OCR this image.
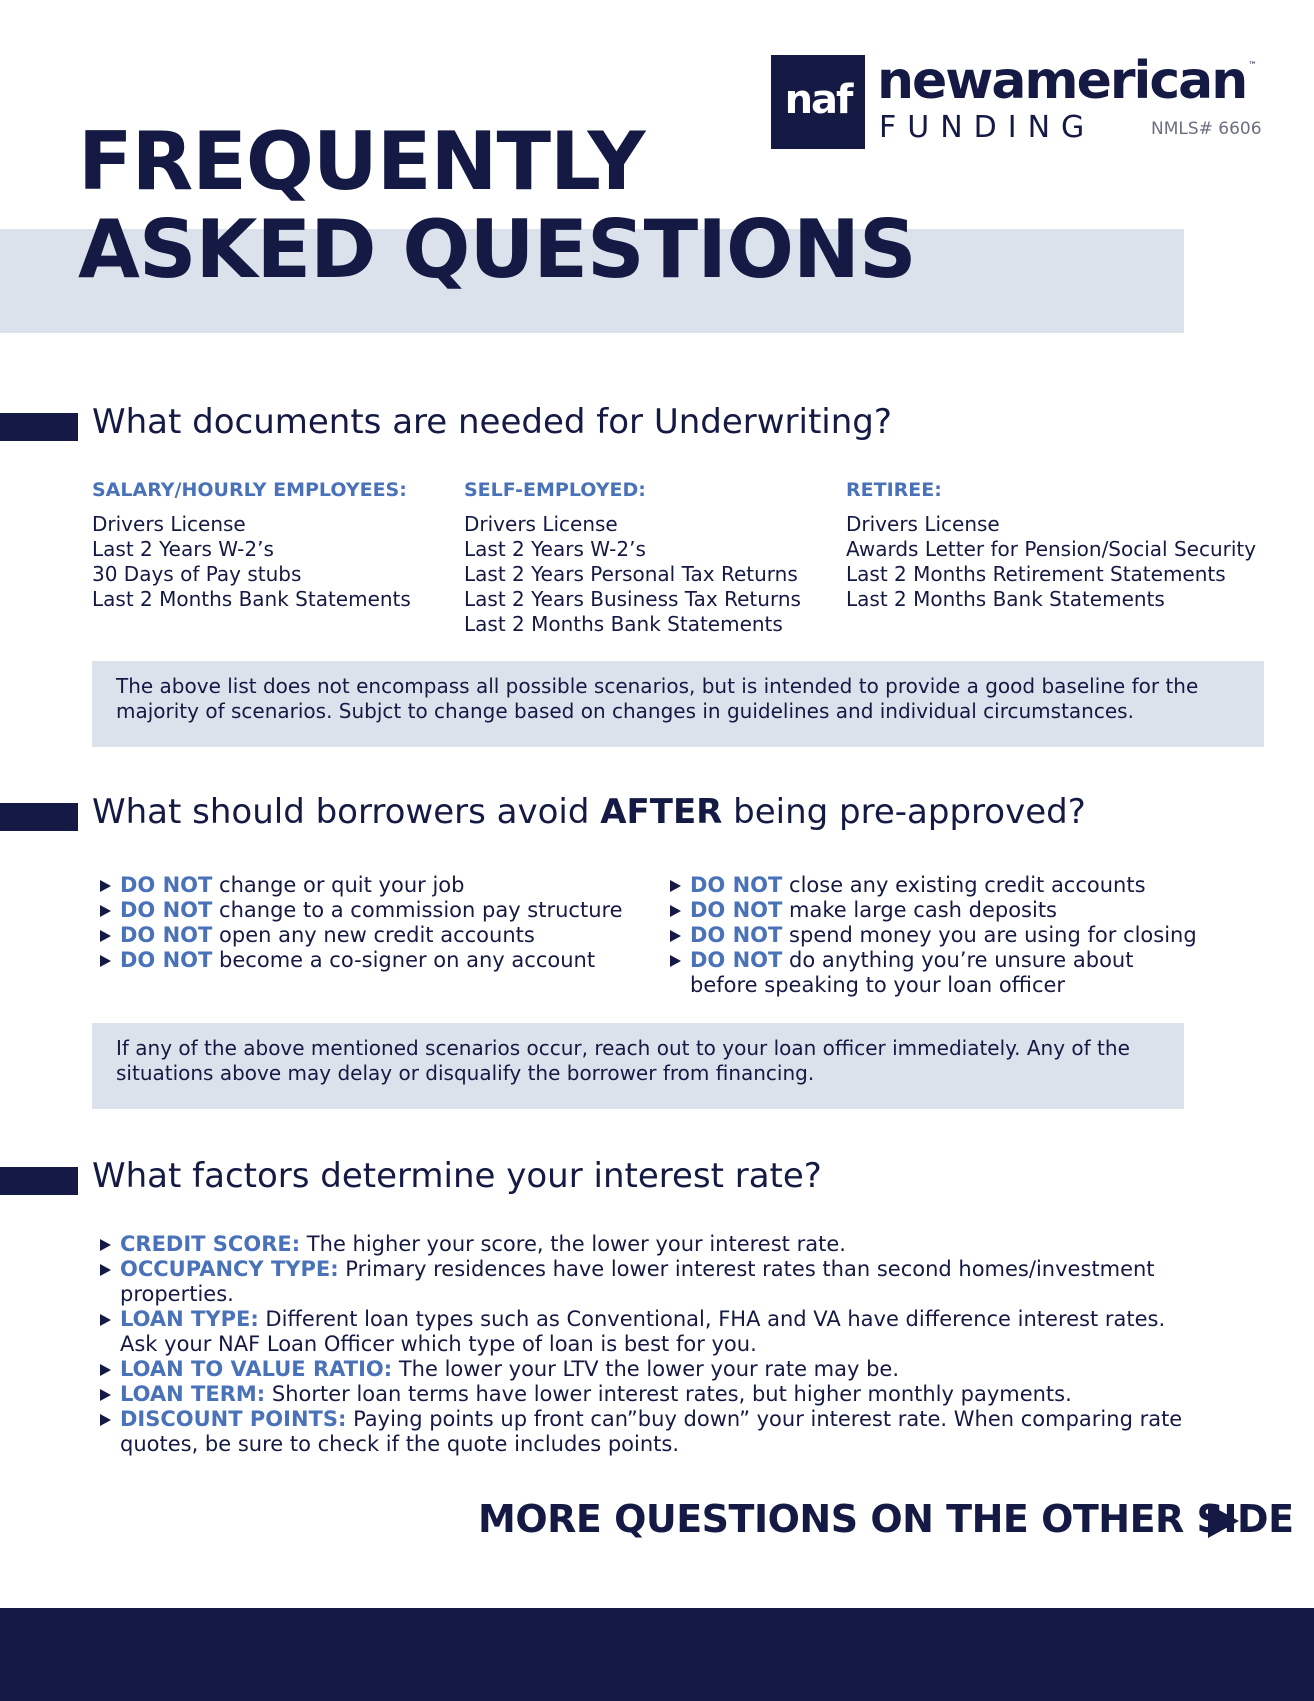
FREQUENTLY
ASKED QUESTIONS
naf newamerican ™
FUNDING	NMLS# 6606
What documents are needed for Underwriting?
SALARY/HOURLY EMPLOYEES:
Drivers License
Last 2 Years W-2’s
30 Days of Pay stubs
Last 2 Months Bank Statements
SELF-EMPLOYED:
Drivers License
Last 2 Years W-2’s
Last 2 Years Personal Tax Returns
Last 2 Years Business Tax Returns
Last 2 Months Bank Statements
RETIREE:
Drivers License
Awards Letter for Pension/Social Security
Last 2 Months Retirement Statements
Last 2 Months Bank Statements
The above list does not encompass all possible scenarios, but is intended to provide a good baseline for the majority of scenarios. Subjct to change based on changes in guidelines and individual circumstances.
What should borrowers avoid AFTER being pre-approved?
DO NOT change or quit your job
DO NOT change to a commission pay structure
DO NOT open any new credit accounts
DO NOT become a co-signer on any account
DO NOT close any existing credit accounts
DO NOT make large cash deposits
DO NOT spend money you are using for closing
DO NOT do anything you’re unsure about before speaking to your loan officer
If any of the above mentioned scenarios occur, reach out to your loan officer immediately. Any of the situations above may delay or disqualify the borrower from financing.
What factors determine your interest rate?
CREDIT SCORE: The higher your score, the lower your interest rate.
OCCUPANCY TYPE: Primary residences have lower interest rates than second homes/investment properties.
LOAN TYPE: Different loan types such as Conventional, FHA and VA have difference interest rates. Ask your NAF Loan Officer which type of loan is best for you.
LOAN TO VALUE RATIO: The lower your LTV the lower your rate may be.
LOAN TERM: Shorter loan terms have lower interest rates, but higher monthly payments.
DISCOUNT POINTS: Paying points up front can”buy down” your interest rate. When comparing rate quotes, be sure to check if the quote includes points.
MORE QUESTIONS ON THE OTHER SIDE
